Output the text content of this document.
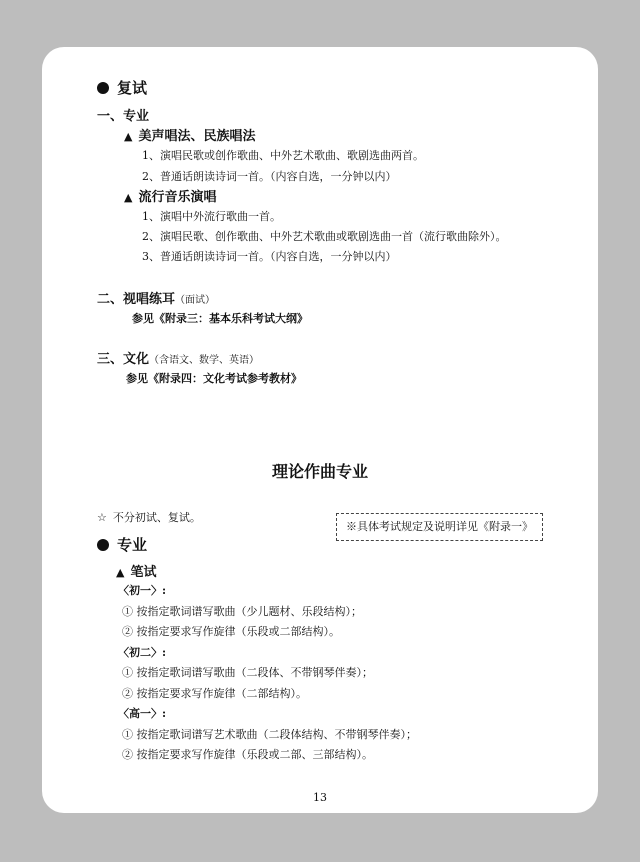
复试
一、专业
▲ 美声唱法、民族唱法
1、演唱民歌或创作歌曲、中外艺术歌曲、歌剧选曲两首。
2、普通话朗读诗词一首。（内容自选，一分钟以内）
▲ 流行音乐演唱
1、演唱中外流行歌曲一首。
2、演唱民歌、创作歌曲、中外艺术歌曲或歌剧选曲一首（流行歌曲除外）。
3、普通话朗读诗词一首。（内容自选，一分钟以内）
二、视唱练耳（面试）
参见《附录三：基本乐科考试大纲》
三、文化（含语文、数学、英语）
参见《附录四：文化考试参考教材》
理论作曲专业
☆ 不分初试、复试。
※具体考试规定及说明详见《附录一》
专业
▲ 笔试
〈初一〉:
① 按指定歌词谱写歌曲（少儿题材、乐段结构）；
② 按指定要求写作旋律（乐段或二部结构）。
〈初二〉:
① 按指定歌词谱写歌曲（二段体、不带钢琴伴奏）；
② 按指定要求写作旋律（二部结构）。
〈高一〉:
① 按指定歌词谱写艺术歌曲（二段体结构、不带钢琴伴奏）；
② 按指定要求写作旋律（乐段或二部、三部结构）。
13
